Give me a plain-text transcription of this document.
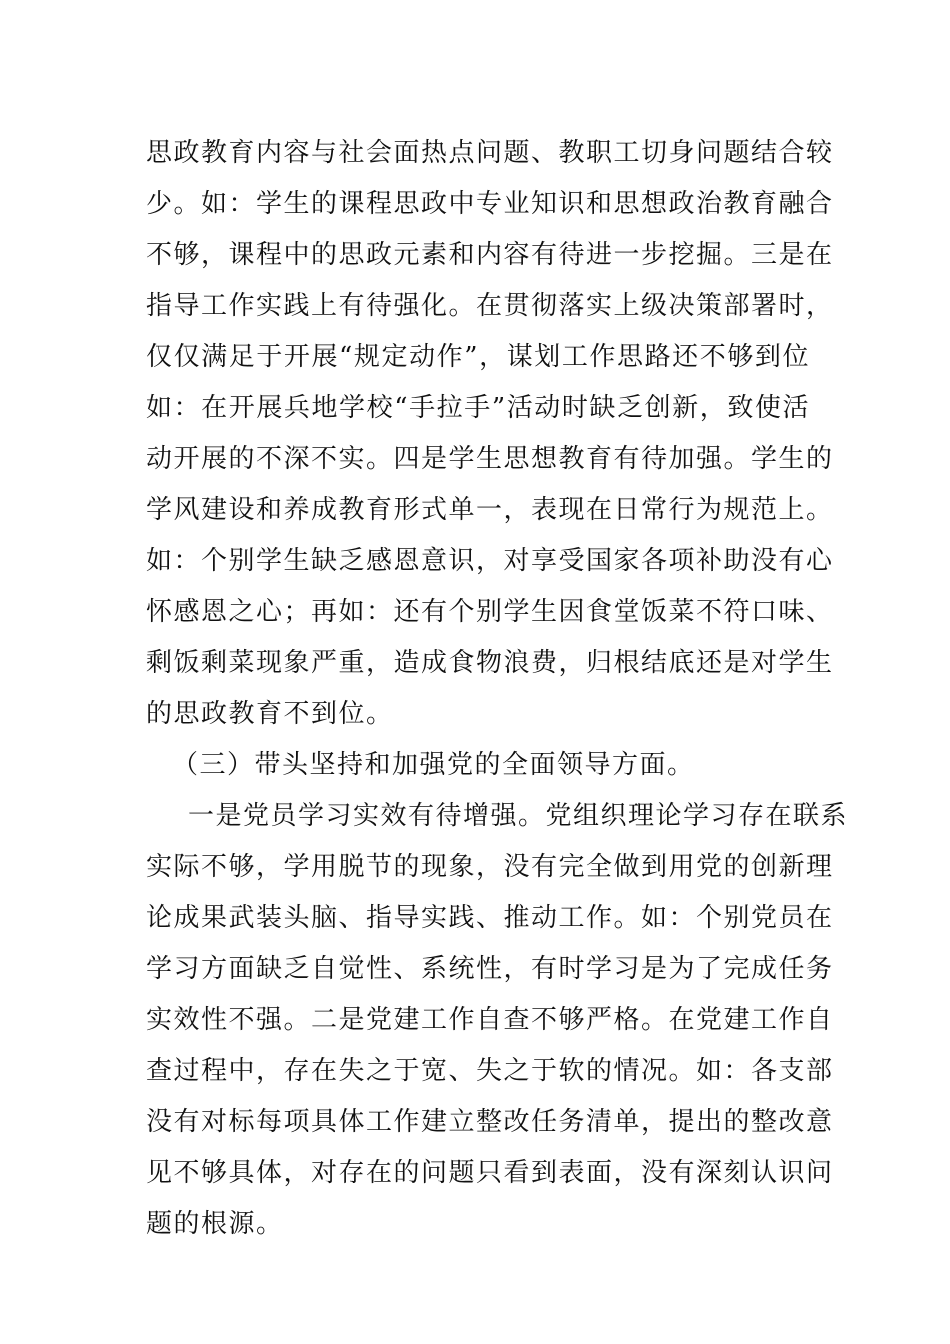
思政教育内容与社会面热点问题、教职工切身问题结合较
少。如：学生的课程思政中专业知识和思想政治教育融合
不够，课程中的思政元素和内容有待进一步挖掘。三是在
指导工作实践上有待强化。在贯彻落实上级决策部署时，
仅仅满足于开展“规定动作”，谋划工作思路还不够到位
如：在开展兵地学校“手拉手”活动时缺乏创新，致使活
动开展的不深不实。四是学生思想教育有待加强。学生的
学风建设和养成教育形式单一，表现在日常行为规范上。
如：个别学生缺乏感恩意识，对享受国家各项补助没有心
怀感恩之心；再如：还有个别学生因食堂饭菜不符口味、
剩饭剩菜现象严重，造成食物浪费，归根结底还是对学生
的思政教育不到位。
（三）带头坚持和加强党的全面领导方面。
一是党员学习实效有待增强。党组织理论学习存在联系
实际不够，学用脱节的现象，没有完全做到用党的创新理
论成果武装头脑、指导实践、推动工作。如：个别党员在
学习方面缺乏自觉性、系统性，有时学习是为了完成任务
实效性不强。二是党建工作自查不够严格。在党建工作自
查过程中，存在失之于宽、失之于软的情况。如：各支部
没有对标每项具体工作建立整改任务清单，提出的整改意
见不够具体，对存在的问题只看到表面，没有深刻认识问
题的根源。
